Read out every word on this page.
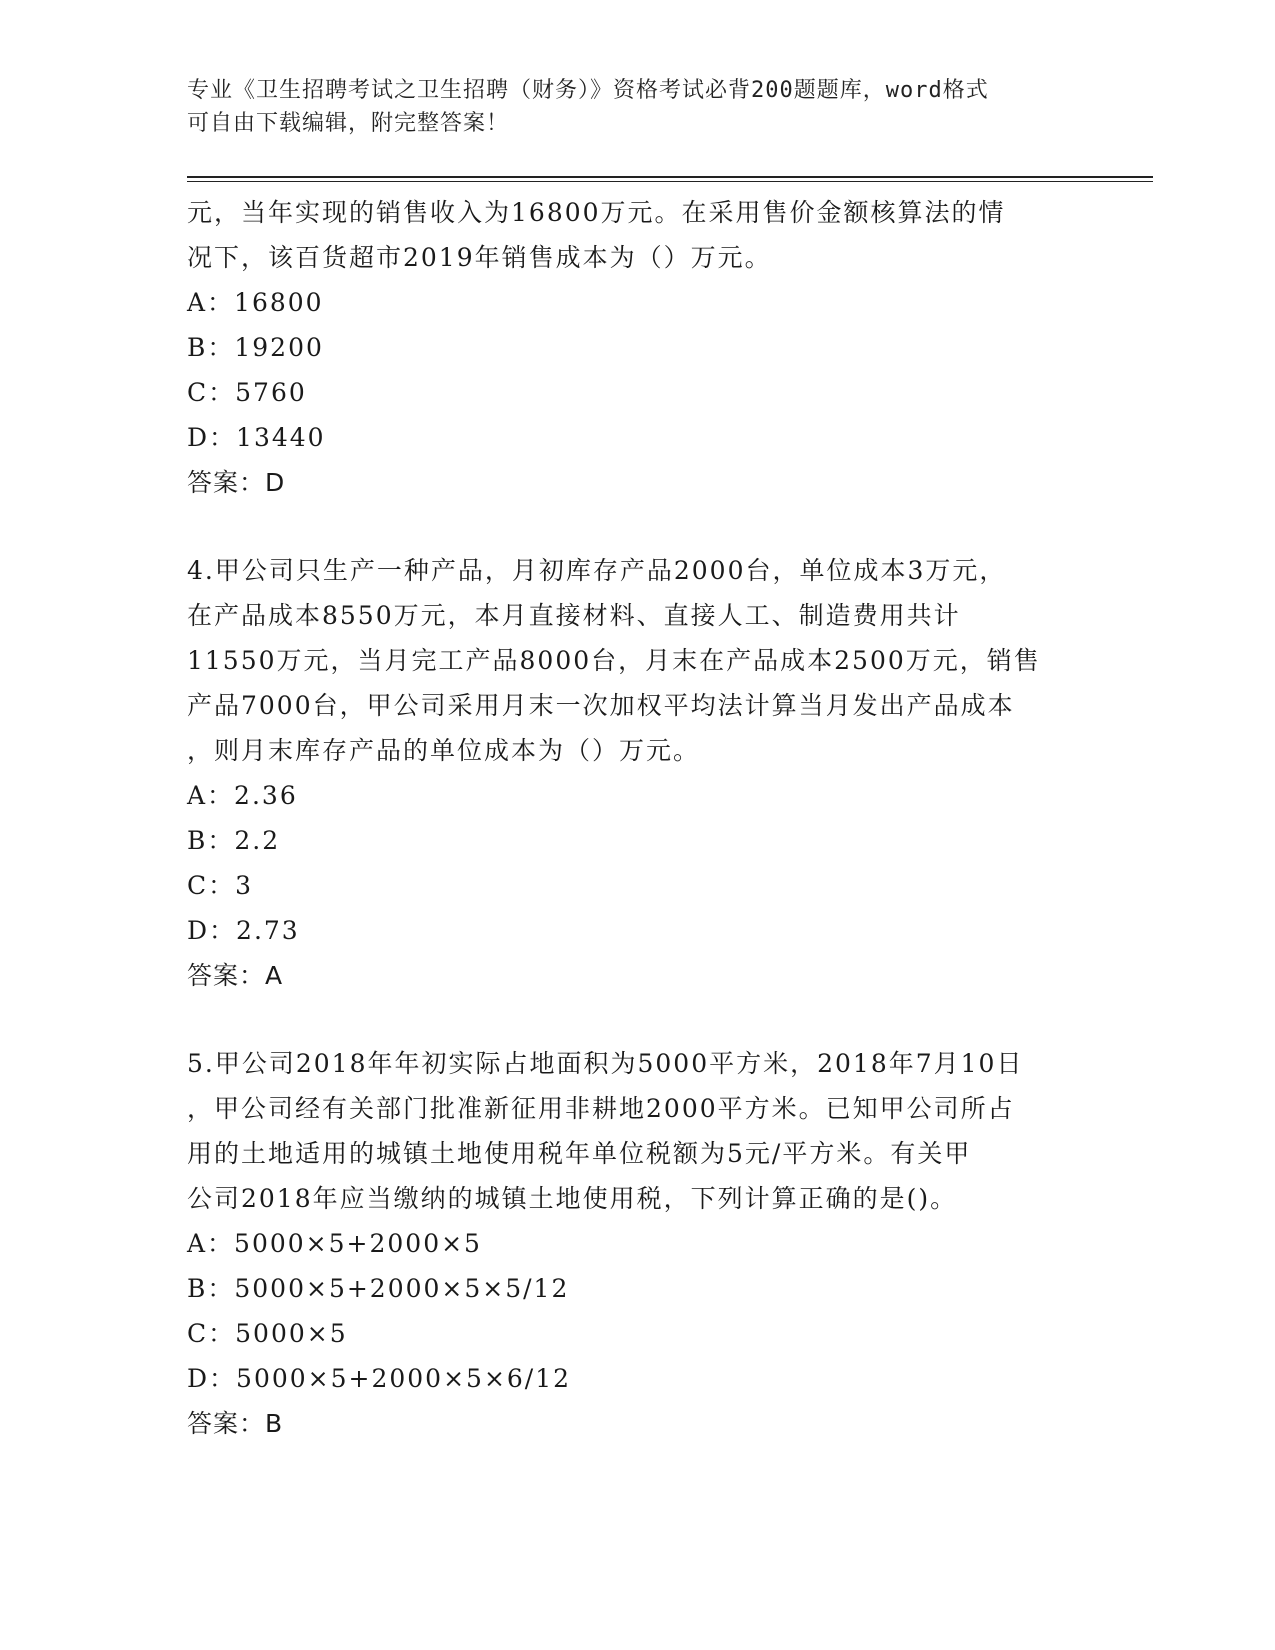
专业《卫生招聘考试之卫生招聘（财务）》资格考试必背200题题库，word格式
可自由下载编辑，附完整答案！

元，当年实现的销售收入为16800万元。在采用售价金额核算法的情

况下，该百货超市2019年销售成本为（）万元。

A：16800

B：19200

C：5760

D：13440

答案：D

4.甲公司只生产一种产品，月初库存产品2000台，单位成本3万元，

在产品成本8550万元，本月直接材料、直接人工、制造费用共计

11550万元，当月完工产品8000台，月末在产品成本2500万元，销售

产品7000台，甲公司采用月末一次加权平均法计算当月发出产品成本

，则月末库存产品的单位成本为（）万元。

A：2.36

B：2.2

C：3

D：2.73

答案：A

5.甲公司2018年年初实际占地面积为5000平方米，2018年7月10日

，甲公司经有关部门批准新征用非耕地2000平方米。已知甲公司所占

用的土地适用的城镇土地使用税年单位税额为5元/平方米。有关甲

公司2018年应当缴纳的城镇土地使用税，下列计算正确的是()。

A：5000×5+2000×5

B：5000×5+2000×5×5/12

C：5000×5

D：5000×5+2000×5×6/12

答案：B
